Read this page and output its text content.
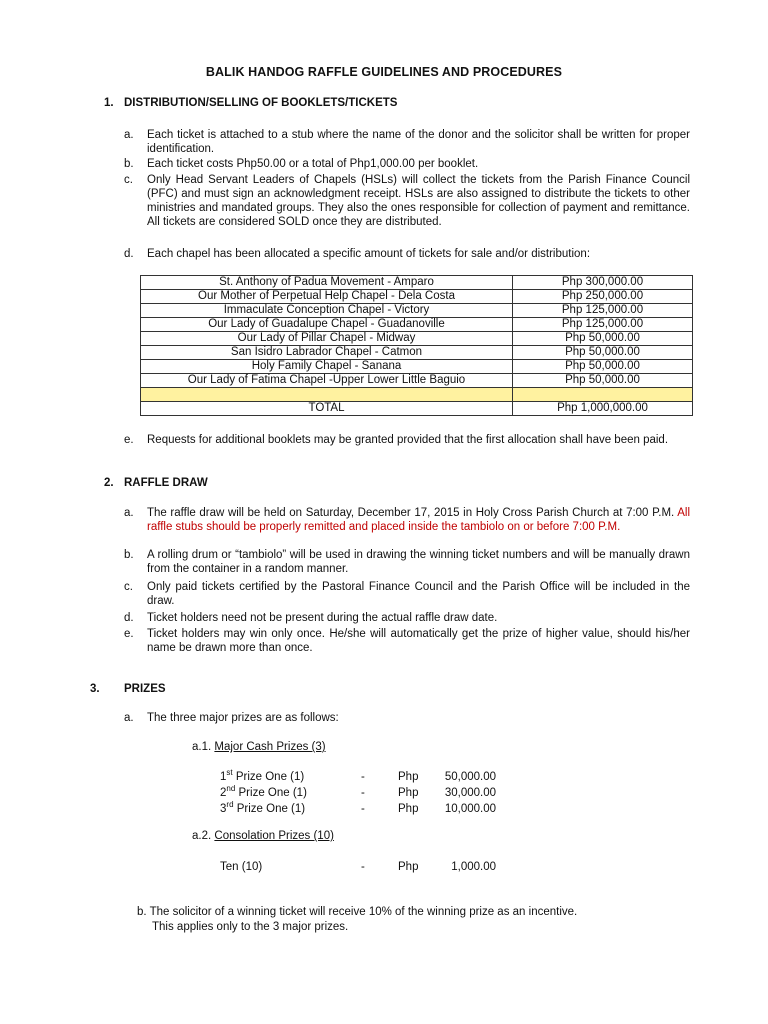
BALIK HANDOG RAFFLE GUIDELINES AND PROCEDURES
1. DISTRIBUTION/SELLING OF BOOKLETS/TICKETS
a. Each ticket is attached to a stub where the name of the donor and the solicitor shall be written for proper identification.
b. Each ticket costs Php50.00 or a total of Php1,000.00 per booklet.
c. Only Head Servant Leaders of Chapels (HSLs) will collect the tickets from the Parish Finance Council (PFC) and must sign an acknowledgment receipt. HSLs are also assigned to distribute the tickets to other ministries and mandated groups. They also the ones responsible for collection of payment and remittance. All tickets are considered SOLD once they are distributed.
d. Each chapel has been allocated a specific amount of tickets for sale and/or distribution:
St. Anthony of Padua Movement - Amparo	Php 300,000.00
Our Mother of Perpetual Help Chapel - Dela Costa	Php 250,000.00
Immaculate Conception Chapel - Victory	Php 125,000.00
Our Lady of Guadalupe Chapel - Guadanoville	Php 125,000.00
Our Lady of Pillar Chapel - Midway	Php 50,000.00
San Isidro Labrador Chapel - Catmon	Php 50,000.00
Holy Family Chapel - Sanana	Php 50,000.00
Our Lady of Fatima Chapel -Upper Lower Little Baguio	Php 50,000.00

TOTAL	Php 1,000,000.00
e. Requests for additional booklets may be granted provided that the first allocation shall have been paid.
2. RAFFLE DRAW
a. The raffle draw will be held on Saturday, December 17, 2015 in Holy Cross Parish Church at 7:00 P.M. All raffle stubs should be properly remitted and placed inside the tambiolo on or before 7:00 P.M.
b. A rolling drum or “tambiolo” will be used in drawing the winning ticket numbers and will be manually drawn from the container in a random manner.
c. Only paid tickets certified by the Pastoral Finance Council and the Parish Office will be included in the draw.
d. Ticket holders need not be present during the actual raffle draw date.
e. Ticket holders may win only once. He/she will automatically get the prize of higher value, should his/her name be drawn more than once.
3. PRIZES
a. The three major prizes are as follows:
a.1. Major Cash Prizes (3)
1st Prize One (1)	-	Php	50,000.00
2nd Prize One (1)	-	Php	30,000.00
3rd Prize One (1)	-	Php	10,000.00
a.2. Consolation Prizes (10)
Ten (10)	-	Php	1,000.00
b. The solicitor of a winning ticket will receive 10% of the winning prize as an incentive.
This applies only to the 3 major prizes.
